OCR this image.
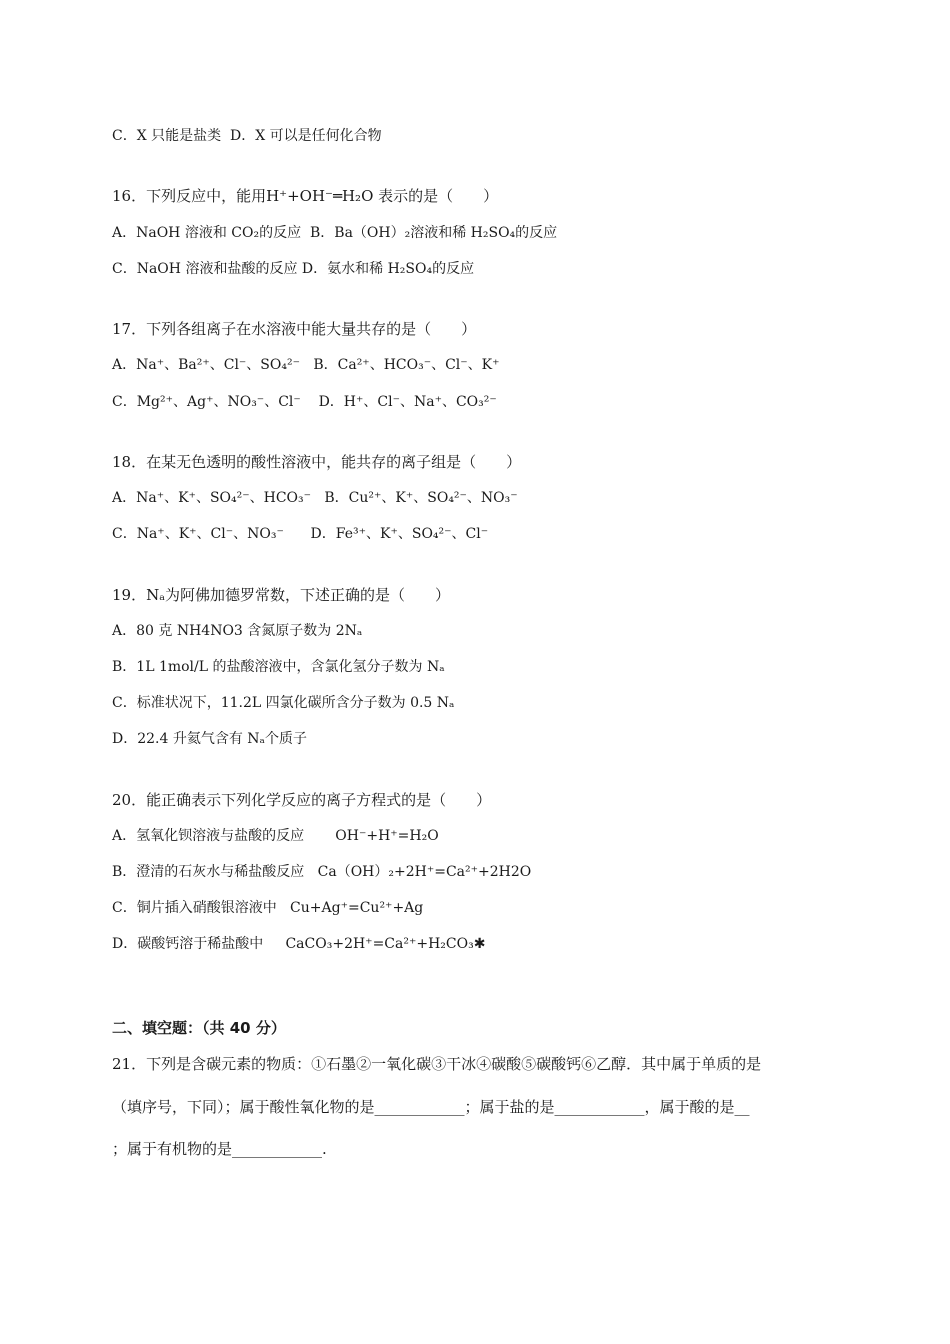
C．X 只能是盐类  D．X 可以是任何化合物
16．下列反应中，能用H⁺+OH⁻═H₂O 表示的是（　　）
A．NaOH 溶液和 CO₂的反应  B．Ba（OH）₂溶液和稀 H₂SO₄的反应
C．NaOH 溶液和盐酸的反应 D．氨水和稀 H₂SO₄的反应
17．下列各组离子在水溶液中能大量共存的是（　　）
A．Na⁺、Ba²⁺、Cl⁻、SO₄²⁻   B．Ca²⁺、HCO₃⁻、Cl⁻、K⁺
C．Mg²⁺、Ag⁺、NO₃⁻、Cl⁻    D．H⁺、Cl⁻、Na⁺、CO₃²⁻
18．在某无色透明的酸性溶液中，能共存的离子组是（　　）
A．Na⁺、K⁺、SO₄²⁻、HCO₃⁻   B．Cu²⁺、K⁺、SO₄²⁻、NO₃⁻
C．Na⁺、K⁺、Cl⁻、NO₃⁻      D．Fe³⁺、K⁺、SO₄²⁻、Cl⁻
19．Nₐ为阿佛加德罗常数，下述正确的是（　　）
A．80 克 NH4NO3 含氮原子数为 2Nₐ
B．1L 1mol/L 的盐酸溶液中，含氯化氢分子数为 Nₐ
C．标准状况下，11.2L 四氯化碳所含分子数为 0.5 Nₐ
D．22.4 升氦气含有 Nₐ个质子
20．能正确表示下列化学反应的离子方程式的是（　　）
A．氢氧化钡溶液与盐酸的反应       OH⁻+H⁺=H₂O
B．澄清的石灰水与稀盐酸反应   Ca（OH）₂+2H⁺=Ca²⁺+2H2O
C．铜片插入硝酸银溶液中   Cu+Ag⁺=Cu²⁺+Ag
D．碳酸钙溶于稀盐酸中     CaCO₃+2H⁺=Ca²⁺+H₂CO₃✱
二、填空题：（共 40 分）
21．下列是含碳元素的物质：①石墨②一氧化碳③干冰④碳酸⑤碳酸钙⑥乙醇．其中属于单质的是
（填序号，下同）；属于酸性氧化物的是____________；属于盐的是____________，属于酸的是__
；属于有机物的是____________.
